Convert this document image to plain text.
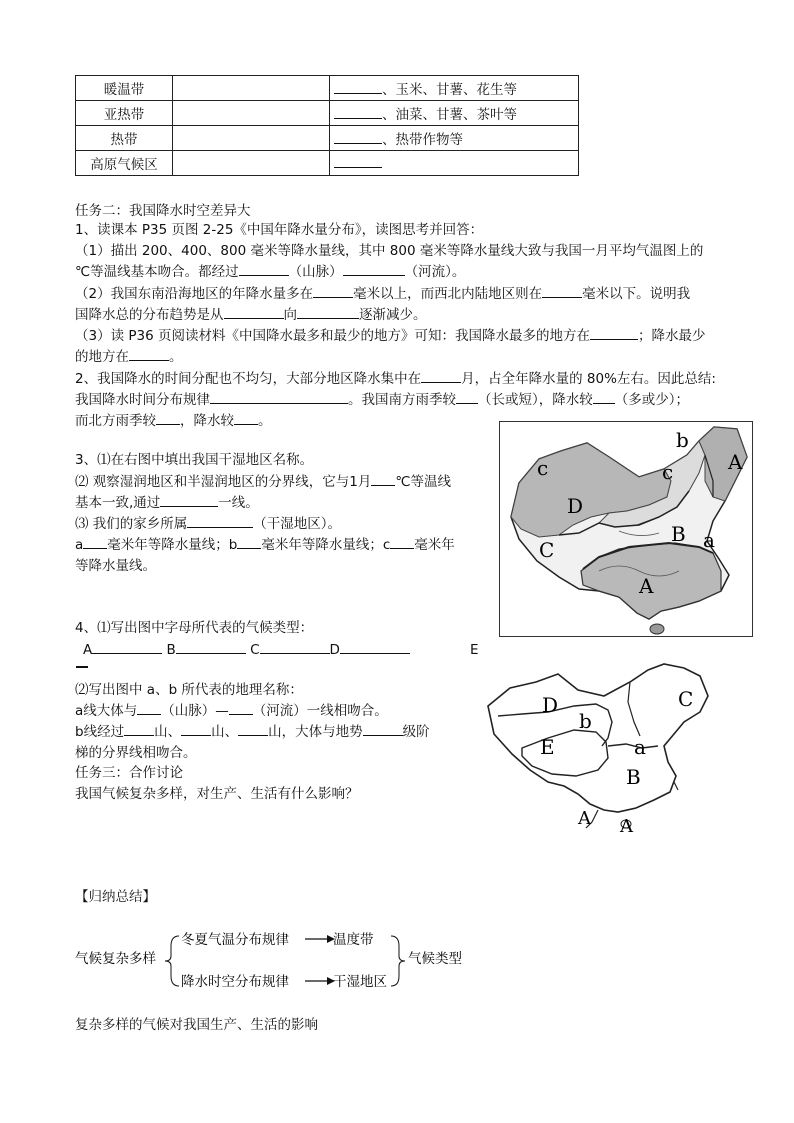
暖温带		、玉米、甘薯、花生等
亚热带		、油菜、甘薯、茶叶等
热带		、热带作物等
高原气候区		
任务二：我国降水时空差异大
1、读课本 P35 页图 2-25《中国年降水量分布》，读图思考并回答：
（1）描出 200、400、800 毫米等降水量线，其中 800 毫米等降水量线大致与我国一月平均气温图上的
℃等温线基本吻合。都经过	（山脉）	（河流）。
（2）我国东南沿海地区的年降水量多在	毫米以上，而西北内陆地区则在	毫米以下。说明我
国降水总的分布趋势是从	向	逐渐减少。
（3）读 P36 页阅读材料《中国降水最多和最少的地方》可知：我国降水最多的地方在	；降水最少
的地方在	。
2、我国降水的时间分配也不均匀，大部分地区降水集中在	月，占全年降水量的 80%左右。因此总结:
我国降水时间分布规律	。我国南方雨季较 （长或短），降水较 （多或少）；
而北方雨季较 ，降水较 。
3、⑴在右图中填出我国干湿地区名称。
⑵ 观察湿润地区和半湿润地区的分界线，它与1月 ℃等温线
基本一致,通过	一线。
⑶ 我们的家乡所属	（干湿地区）。
a 毫米年等降水量线；b 毫米年等降水量线；c 毫米年
等降水量线。
4、⑴写出图中字母所代表的气候类型：
A	B	C	D	E
⑵写出图中 a、b 所代表的地理名称：
a线大体与 （山脉）— （河流）一线相吻合。
b线经过 山、 山、 山，大体与地势	级阶
梯的分界线相吻合。
任务三：合作讨论
我国气候复杂多样，对生产、生活有什么影响？
【归纳总结】
气候复杂多样
冬夏气温分布规律	温度带
降水时空分布规律	干湿地区
气候类型
复杂多样的气候对我国生产、生活的影响
A
B a
b
c
c
D
C
A
C
D
b
E	a
B
A A
